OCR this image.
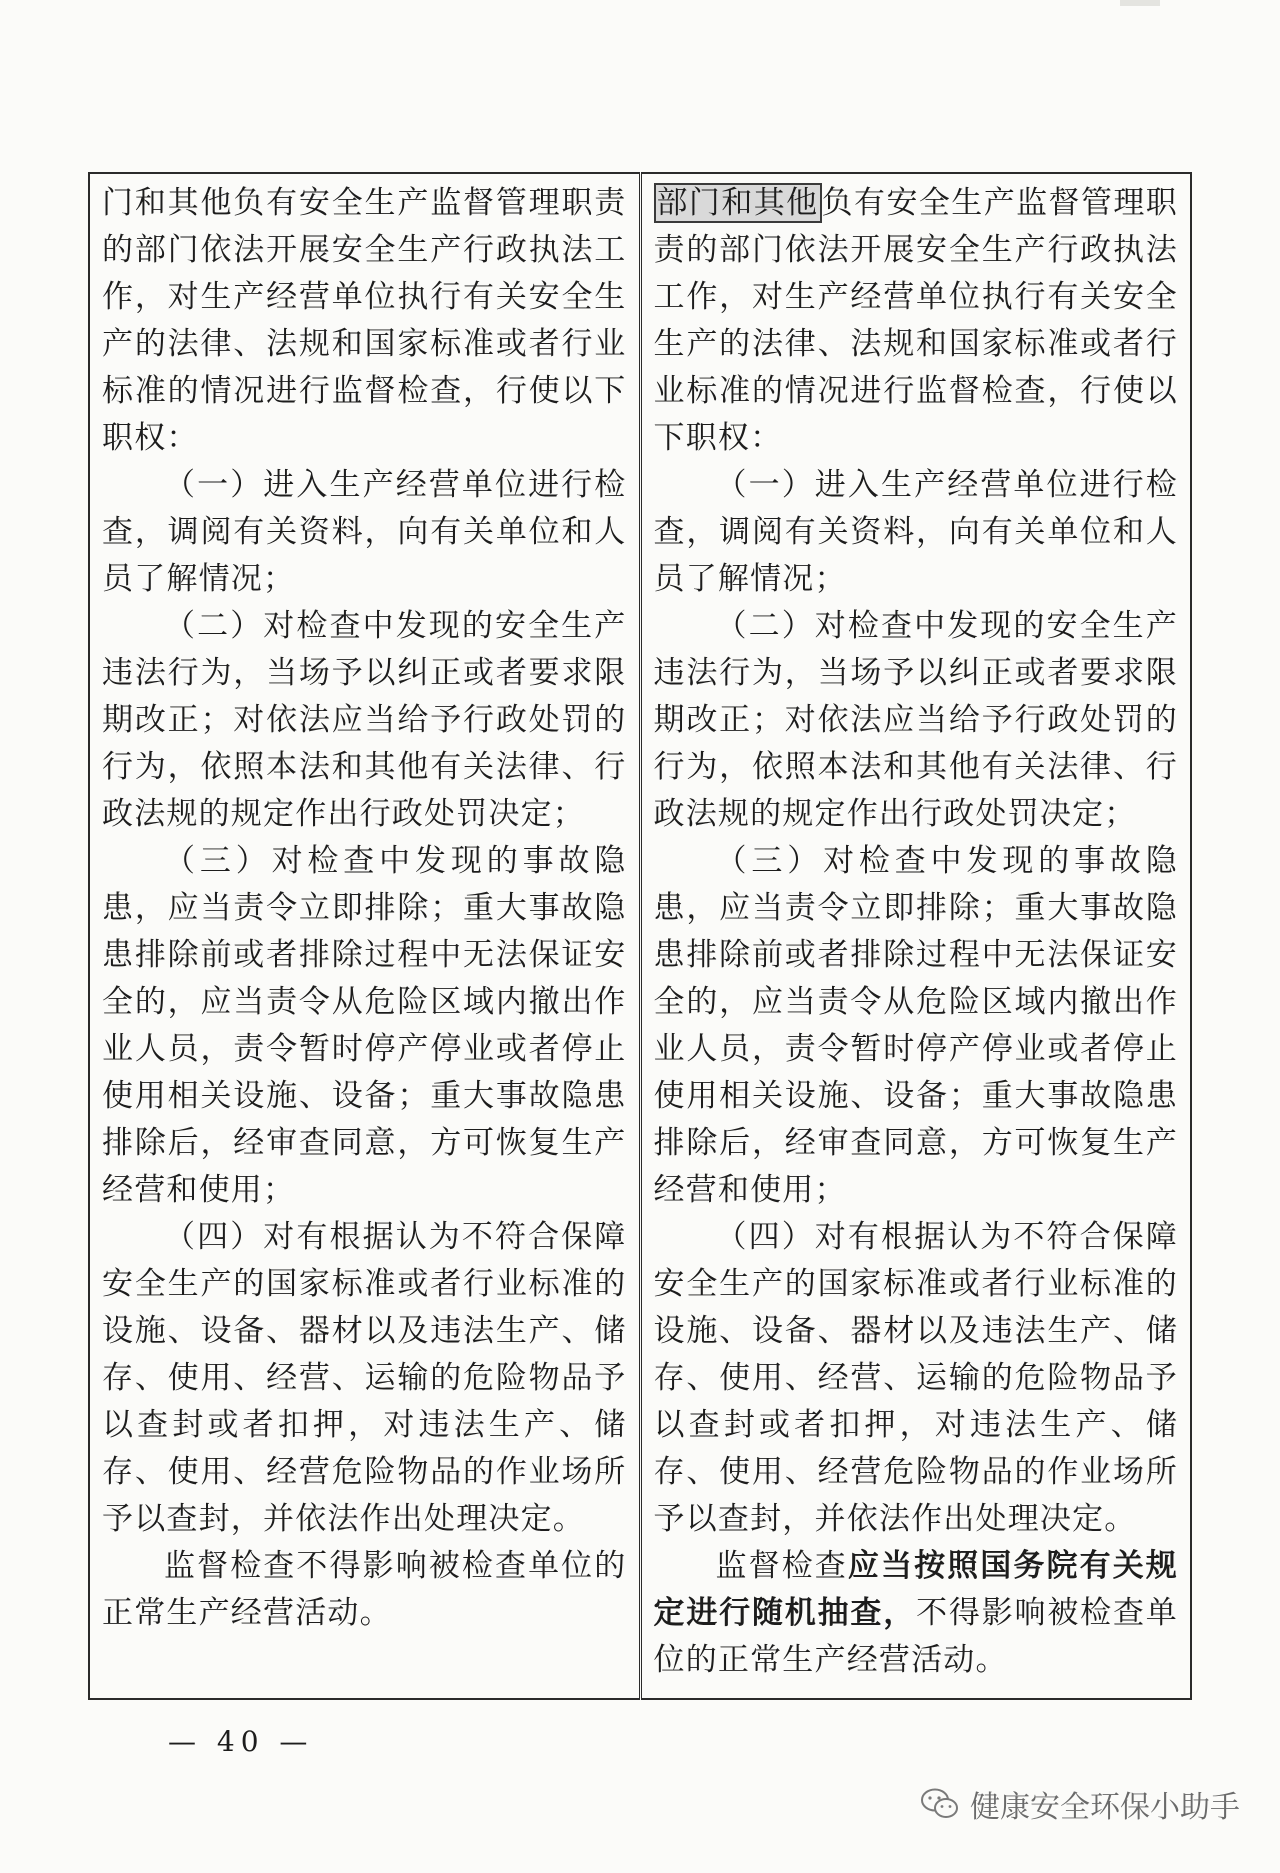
门和其他负有安全生产监督管理职责的部门依法开展安全生产行政执法工作，对生产经营单位执行有关安全生产的法律、法规和国家标准或者行业标准的情况进行监督检查，行使以下职权：

（一）进入生产经营单位进行检查，调阅有关资料，向有关单位和人员了解情况；

（二）对检查中发现的安全生产违法行为，当场予以纠正或者要求限期改正；对依法应当给予行政处罚的行为，依照本法和其他有关法律、行政法规的规定作出行政处罚决定；

（三）对检查中发现的事故隐患，应当责令立即排除；重大事故隐患排除前或者排除过程中无法保证安全的，应当责令从危险区域内撤出作业人员，责令暂时停产停业或者停止使用相关设施、设备；重大事故隐患排除后，经审查同意，方可恢复生产经营和使用；

（四）对有根据认为不符合保障安全生产的国家标准或者行业标准的设施、设备、器材以及违法生产、储存、使用、经营、运输的危险物品予以查封或者扣押，对违法生产、储存、使用、经营危险物品的作业场所予以查封，并依法作出处理决定。

监督检查不得影响被检查单位的正常生产经营活动。

部门和其他负有安全生产监督管理职责的部门依法开展安全生产行政执法工作，对生产经营单位执行有关安全生产的法律、法规和国家标准或者行业标准的情况进行监督检查，行使以下职权：

（一）进入生产经营单位进行检查，调阅有关资料，向有关单位和人员了解情况；

（二）对检查中发现的安全生产违法行为，当场予以纠正或者要求限期改正；对依法应当给予行政处罚的行为，依照本法和其他有关法律、行政法规的规定作出行政处罚决定；

（三）对检查中发现的事故隐患，应当责令立即排除；重大事故隐患排除前或者排除过程中无法保证安全的，应当责令从危险区域内撤出作业人员，责令暂时停产停业或者停止使用相关设施、设备；重大事故隐患排除后，经审查同意，方可恢复生产经营和使用；

（四）对有根据认为不符合保障安全生产的国家标准或者行业标准的设施、设备、器材以及违法生产、储存、使用、经营、运输的危险物品予以查封或者扣押，对违法生产、储存、使用、经营危险物品的作业场所予以查封，并依法作出处理决定。

监督检查应当按照国务院有关规定进行随机抽查，不得影响被检查单位的正常生产经营活动。

— 40 —
健康安全环保小助手
